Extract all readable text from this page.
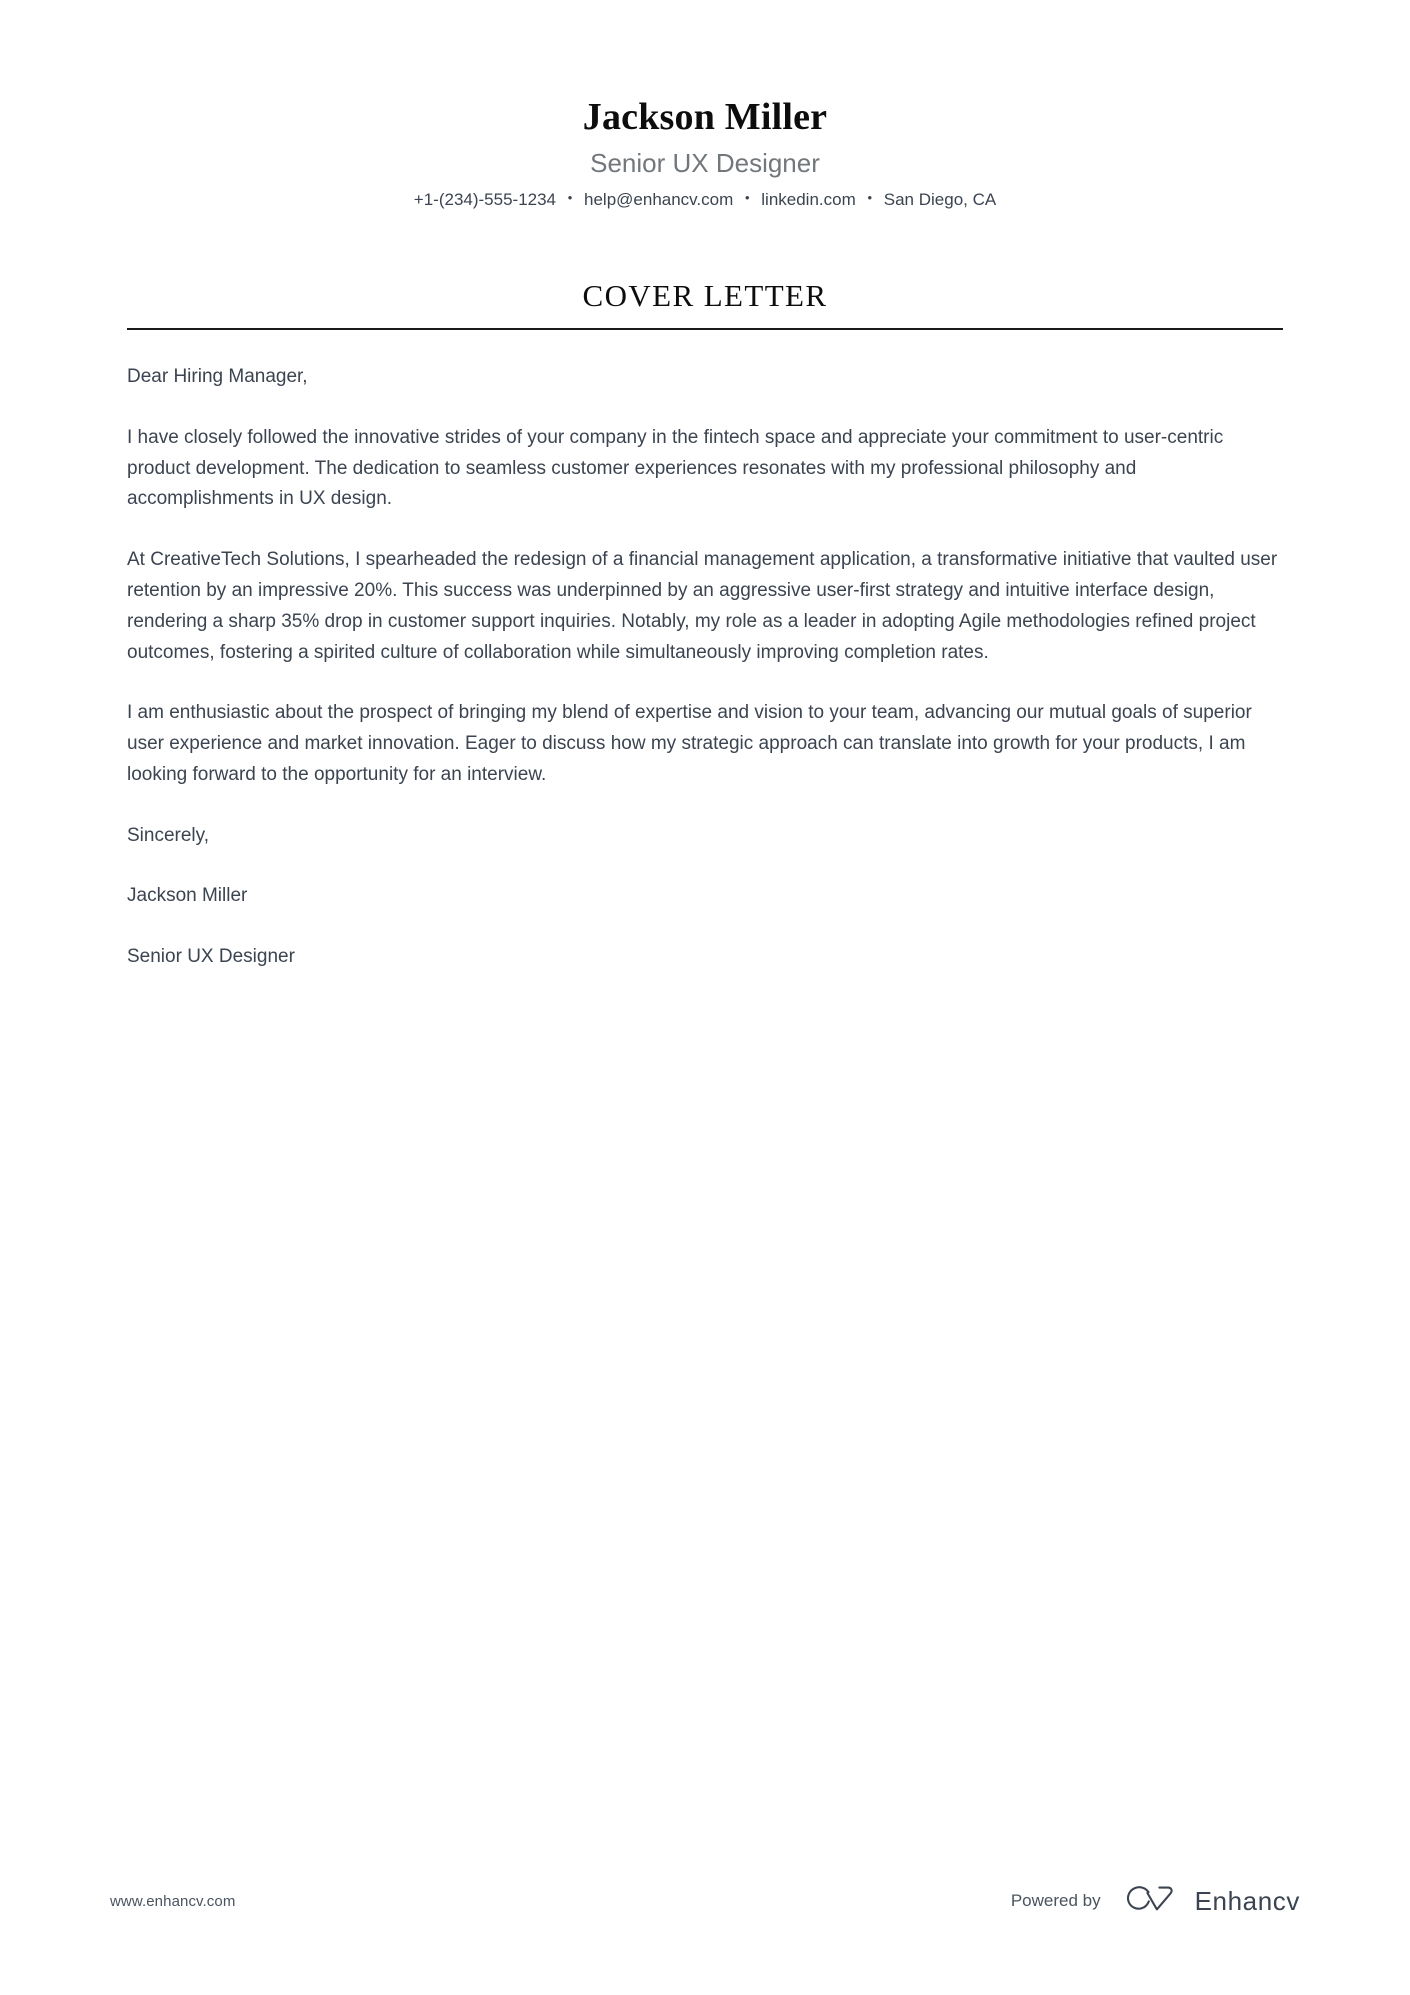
Jackson Miller
Senior UX Designer
+1-(234)-555-1234 • help@enhancv.com • linkedin.com • San Diego, CA
COVER LETTER

Dear Hiring Manager,

I have closely followed the innovative strides of your company in the fintech space and appreciate your commitment to user-centric product development. The dedication to seamless customer experiences resonates with my professional philosophy and accomplishments in UX design.

At CreativeTech Solutions, I spearheaded the redesign of a financial management application, a transformative initiative that vaulted user retention by an impressive 20%. This success was underpinned by an aggressive user-first strategy and intuitive interface design, rendering a sharp 35% drop in customer support inquiries. Notably, my role as a leader in adopting Agile methodologies refined project outcomes, fostering a spirited culture of collaboration while simultaneously improving completion rates.

I am enthusiastic about the prospect of bringing my blend of expertise and vision to your team, advancing our mutual goals of superior user experience and market innovation. Eager to discuss how my strategic approach can translate into growth for your products, I am looking forward to the opportunity for an interview.

Sincerely,

Jackson Miller

Senior UX Designer

www.enhancv.com	Powered by	Enhancv
